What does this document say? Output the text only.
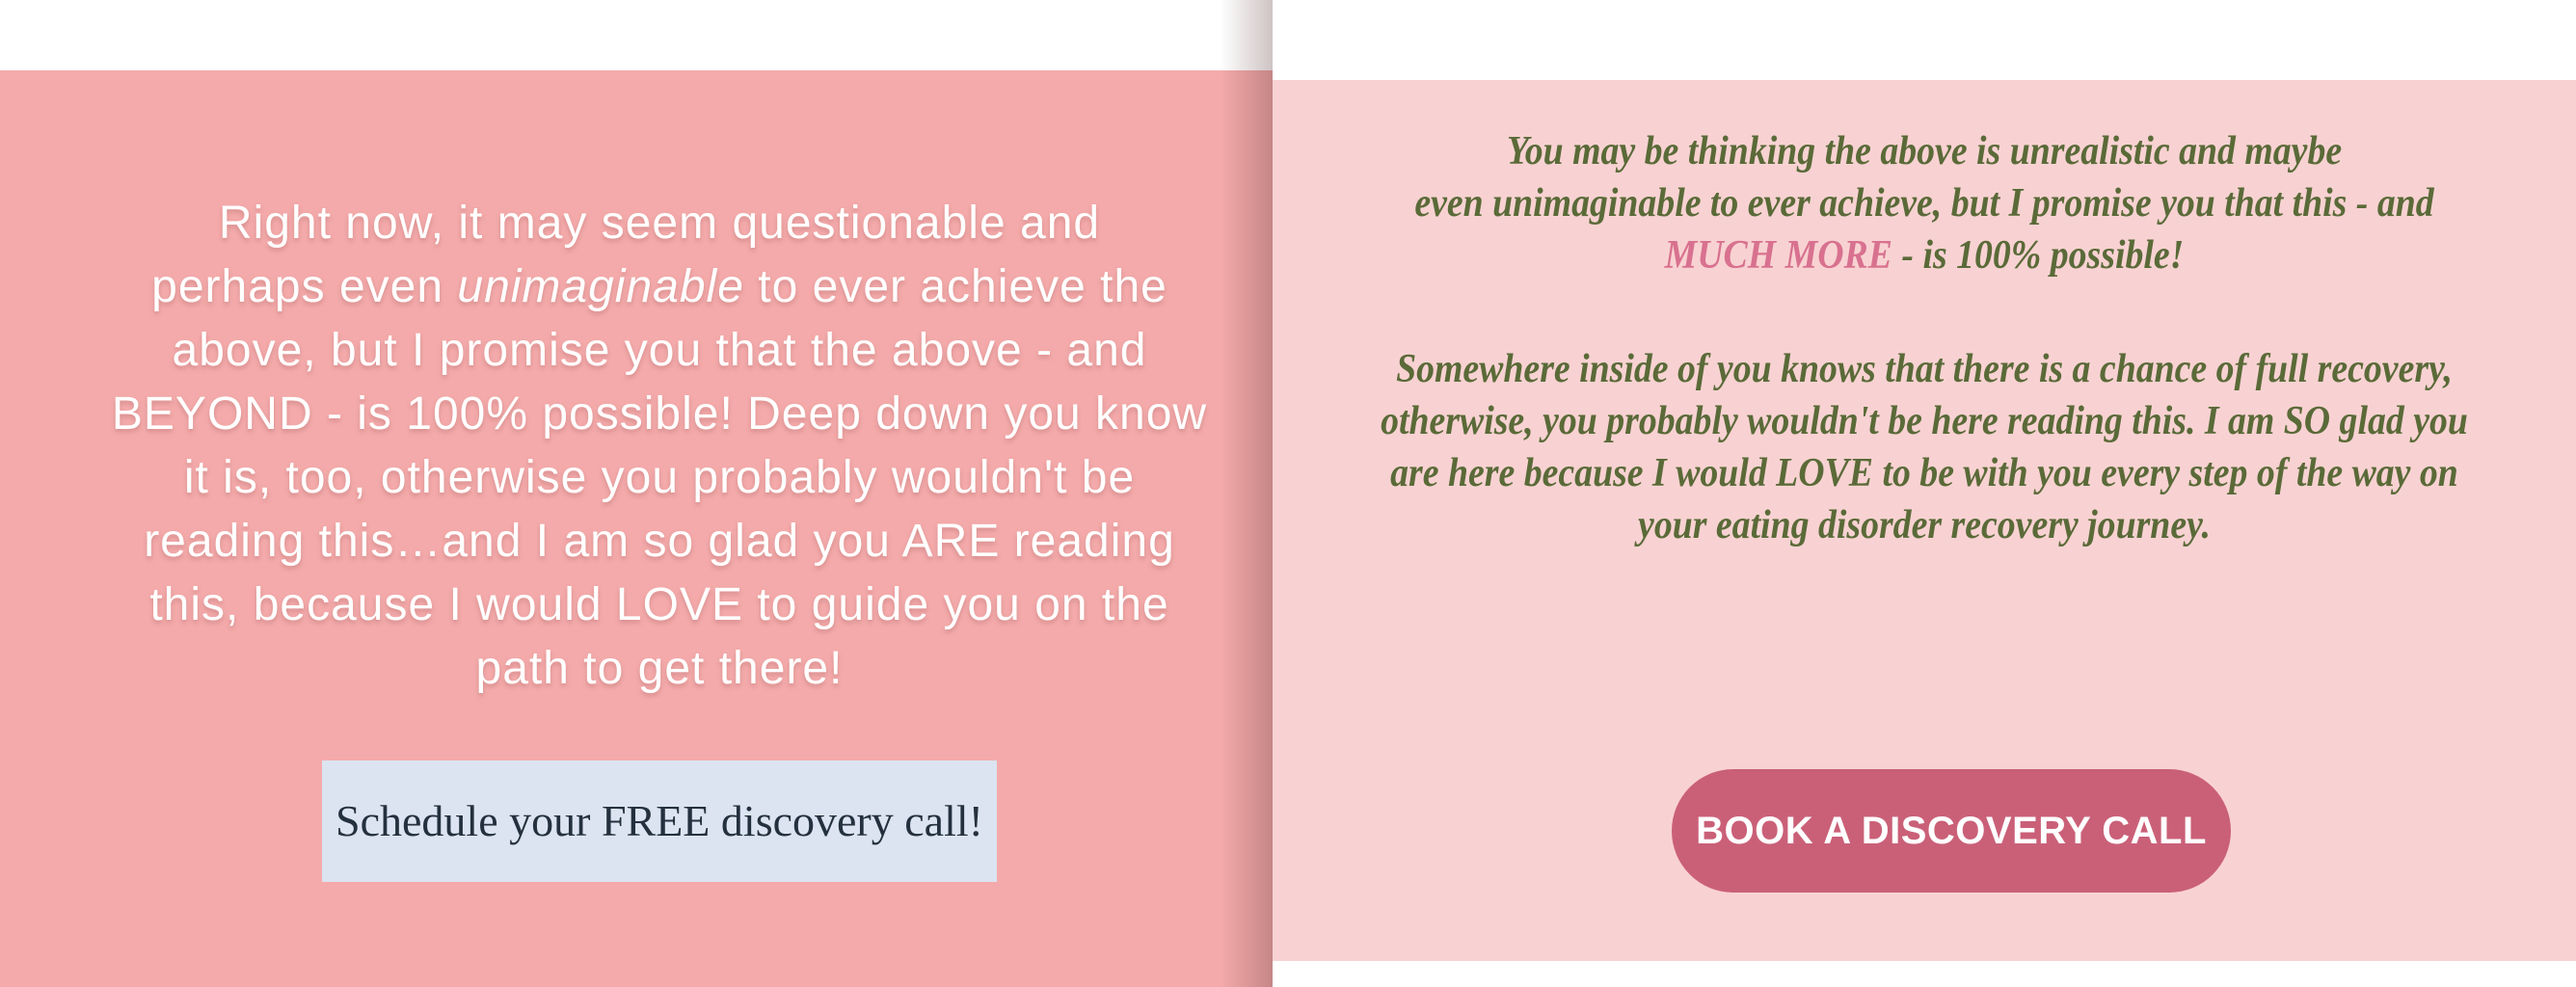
Right now, it may seem questionable and
perhaps even unimaginable to ever achieve the
above, but I promise you that the above - and
BEYOND - is 100% possible! Deep down you know
it is, too, otherwise you probably wouldn't be
reading this…and I am so glad you ARE reading
this, because I would LOVE to guide you on the
path to get there!
Schedule your FREE discovery call!
You may be thinking the above is unrealistic and maybe
even unimaginable to ever achieve, but I promise you that this - and
MUCH MORE - is 100% possible!
Somewhere inside of you knows that there is a chance of full recovery,
otherwise, you probably wouldn't be here reading this. I am SO glad you
are here because I would LOVE to be with you every step of the way on
your eating disorder recovery journey.
BOOK A DISCOVERY CALL
